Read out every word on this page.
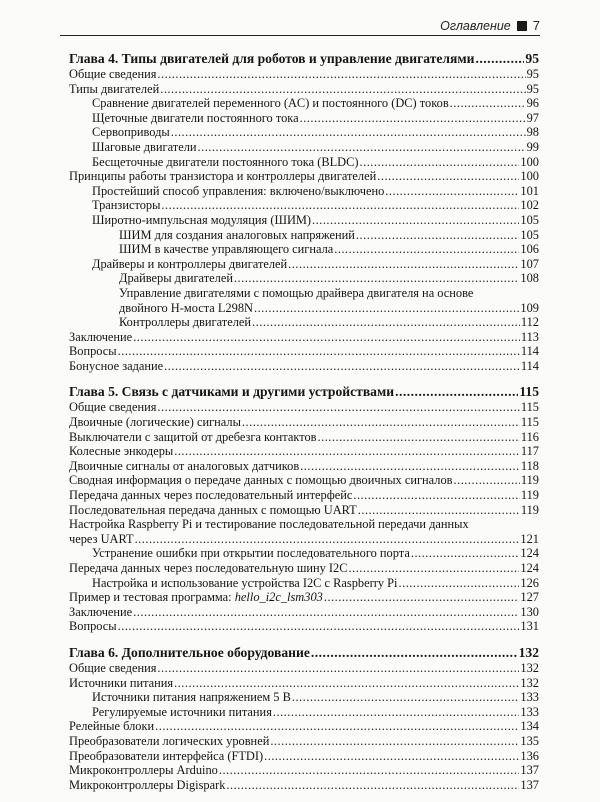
Оглавление 7
Глава 4. Типы двигателей для роботов и управление двигателями .....	95
Общие сведения .....	95
Типы двигателей .....	95
Сравнение двигателей переменного (AC) и постоянного (DC) токов .....	96
Щеточные двигатели постоянного тока .....	97
Сервоприводы .....	98
Шаговые двигатели .....	99
Бесщеточные двигатели постоянного тока (BLDC) .....	100
Принципы работы транзистора и контроллеры двигателей .....	100
Простейший способ управления: включено/выключено .....	101
Транзисторы .....	102
Широтно-импульсная модуляция (ШИМ) .....	105
ШИМ для создания аналоговых напряжений .....	105
ШИМ в качестве управляющего сигнала .....	106
Драйверы и контроллеры двигателей .....	107
Драйверы двигателей .....	108
Управление двигателями с помощью драйвера двигателя на основе
двойного H-моста L298N .....	109
Контроллеры двигателей .....	112
Заключение .....	113
Вопросы .....	114
Бонусное задание .....	114
Глава 5. Связь с датчиками и другими устройствами .....	115
Общие сведения .....	115
Двоичные (логические) сигналы .....	115
Выключатели с защитой от дребезга контактов .....	116
Колесные энкодеры .....	117
Двоичные сигналы от аналоговых датчиков .....	118
Сводная информация о передаче данных с помощью двоичных сигналов .....	119
Передача данных через последовательный интерфейс .....	119
Последовательная передача данных с помощью UART .....	119
Настройка Raspberry Pi и тестирование последовательной передачи данных
через UART .....	121
Устранение ошибки при открытии последовательного порта .....	124
Передача данных через последовательную шину I2C .....	124
Настройка и использование устройства I2C с Raspberry Pi .....	126
Пример и тестовая программа: hello_i2c_lsm303 .....	127
Заключение .....	130
Вопросы .....	131
Глава 6. Дополнительное оборудование .....	132
Общие сведения .....	132
Источники питания .....	132
Источники питания напряжением 5 В .....	133
Регулируемые источники питания .....	133
Релейные блоки .....	134
Преобразователи логических уровней .....	135
Преобразователи интерфейса (FTDI) .....	136
Микроконтроллеры Arduino .....	137
Микроконтроллеры Digispark .....	137
